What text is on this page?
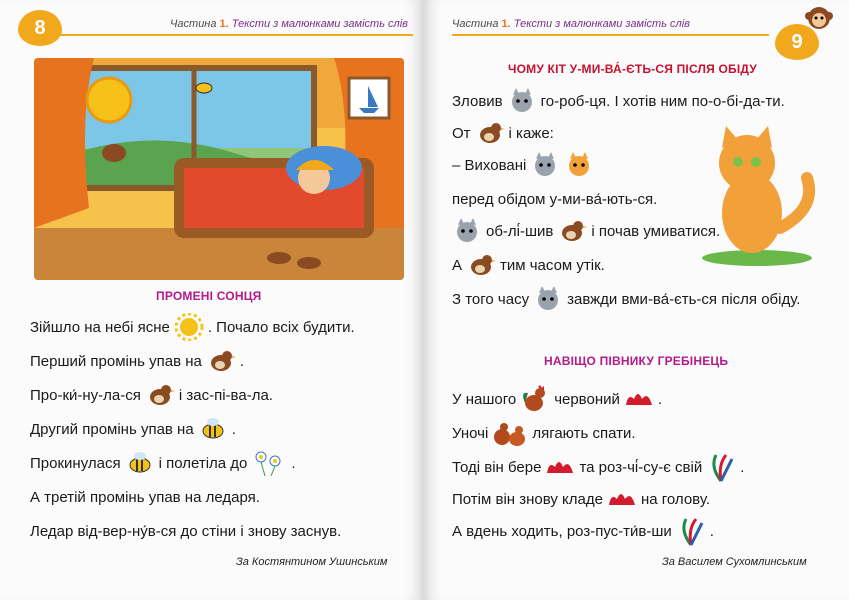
8	Частина 1. Тексти з малюнками замість слів
ПРОМЕНІ СОНЦЯ
Зійшло на небі ясне	. Почало всіх будити.
Перший промінь упав на	.
Про-ки́-ну-ла-ся	і зас-пі-ва-ла.
Другий промінь упав на	.
Прокинулася	і полетіла до	.
А третій промінь упав на ледаря.
Ледар від-вер-ну́в-ся до стіни і знову заснув.
За Костянтином Ушинським
Частина 1. Тексти з малюнками замість слів
9
ЧОМУ КІТ У-МИ-ВА́-ЄТЬ-СЯ ПІСЛЯ ОБІДУ
Зловив	го-роб-ця. І хотів ним по-о-бі-да-ти.
От	і каже:
– Виховані
перед обідом у-ми-ва́-ють-ся.
об-лі́-шив	і почав умиватися.
А	тим часом утік.
З того часу	завжди вми-ва́-єть-ся після обіду.
НАВІЩО ПІВНИКУ ГРЕБІНЕЦЬ
У нашого	червоний	.
Уночі	лягають спати.
Тоді він бере	та роз-чі́-су-є свій	.
Потім він знову кладе	на голову.
А вдень ходить, роз-пус-ти́в-ши	.
За Василем Сухомлинським
